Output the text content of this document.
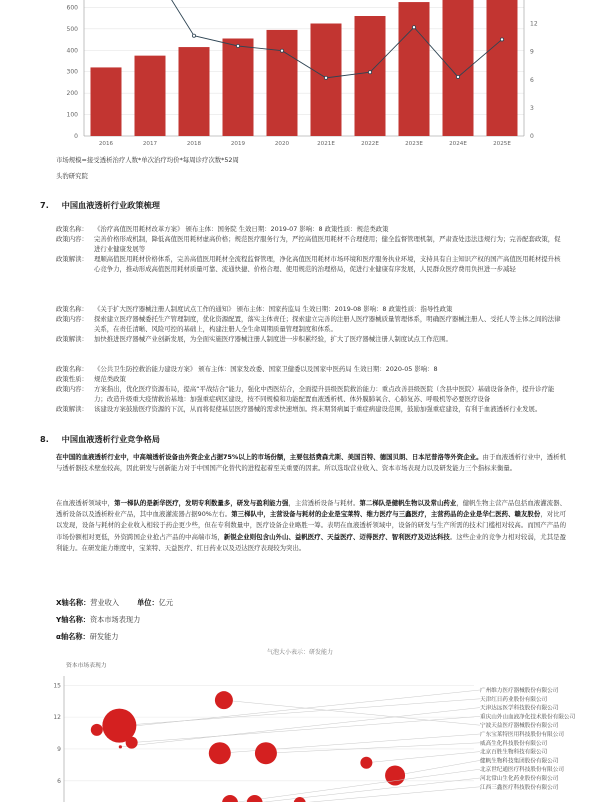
0
100
200
300
400
500
600
0
3
6
9
12
2016	2017	2018	2019	2020	2021E	2022E	2023E	2024E	2025E
市场规模=接受透析治疗人数*单次治疗均价*每周诊疗次数*52周
头豹研究院
7. 中国血液透析行业政策梳理
政策名称： 《治疗高值医用耗材改革方案》 颁布主体：国务院 生效日期：2019-07 影响：8 政策性质：规范类政策
政策内容： 完善价格形成机制，降低高值医用耗材虚高价格；规范医疗服务行为，严控高值医用耗材不合理使用；健全监督管理机制，严肃查处违法违规行为；完善配套政策，促进行业健康发展等
政策解读： 理顺高值医用耗材价格体系，完善高值医用耗材全流程监督管理，净化高值医用耗材市场环境和医疗服务执业环境，支持具有自主知识产权的国产高值医用耗材提升核心竞争力，推动形成高值医用耗材质量可靠、流通快捷、价格合理、使用规范的治理格局，促进行业健康有序发展，人民群众医疗费用负担进一步减轻
政策名称： 《关于扩大医疗器械注册人制度试点工作的通知》 颁布主体：国家药监局 生效日期：2019-08 影响：8 政策性质：指导性政策
政策内容： 探索建立医疗器械委托生产管理制度，优化资源配置，落实主体责任；探索建立完善的注册人医疗器械质量管理体系，明确医疗器械注册人、受托人等主体之间的法律关系，在责任清晰、风险可控的基础上，构建注册人全生命周期质量管理制度和体系。
政策解读： 加快推进医疗器械产业创新发展，为全面实施医疗器械注册人制度进一步积累经验，扩大了医疗器械注册人制度试点工作范围。
政策名称： 《公共卫生防控救治能力建设方案》 颁布主体：国家发改委、国家卫健委以及国家中医药局 生效日期：2020-05 影响：8
政策性质： 规范类政策
政策内容： 方案指出，优化医疗资源布局，提高“平战结合”能力，强化中西医结合，全面提升县级医院救治能力：重点改善县级医院（含县中医院）基础设备条件，提升诊疗能力；改造升级重大疫情救治基地：加强重症病区建设，按不同规模和功能配置血液透析机、体外膜肺氧合、心肺复苏、呼吸机等必要医疗设备
政策解读： 该建设方案鼓励医疗资源的下沉，从而将促使基层医疗器械的需求快速增加。终末期肾病属于重症病建设范围，鼓励加强重症建设，有利于血液透析行业发展。
8. 中国血液透析行业竞争格局
在中国的血液透析行业中，中高端透析设备由外资企业占据75%以上的市场份额，主要包括费森尤斯、美国百特、德国贝朗、日本尼普洛等外资企业。由于血液透析行业中，透析机与透析器技术壁垒较高，因此研发与创新能力对于中国国产化替代的进程起着至关重要的因素。所以选取营业收入、资本市场表现力以及研发能力三个指标来衡量。
在血液透析领域中，第一梯队的是新华医疗，发明专利数量多，研发与盈利能力强，主营透析设备与耗材。第二梯队是健帆生物以及常山药业，健帆生物主营产品包括血液灌流器、透析设备以及透析粉业产品，其中血液灌流器占据90%左右。第三梯队中，主营设备与耗材的企业是宝莱特、维力医疗与三鑫医疗，主营药品的企业是华仁医药、赣友股份，对比可以发现，设备与耗材的企业收入相较于药企更少些，但在专利数量中，医疗设备企业略胜一筹。表明在血液透析领域中，设备的研发与生产所需的技术门槛相对较高。而国产产品的市场份额相对更低，外资跨国企业抢占产品的中高端市场，新锐企业则包含山外山、益帆医疗、天益医疗、迈得医疗、智利医疗及迈达科技。这些企业的竞争力相对较弱，尤其是盈利能力。在研发能力维度中，宝莱特、天益医疗、红日药业以及迈达医疗表现较为突出。
X轴名称：营业收入	单位：亿元
Y轴名称：资本市场表现力
α轴名称：研发能力
气泡大小表示：研发能力
资本市场表现力
15
12
9
6
广州维力医疗器械股份有限公司
天津红日药业股份有限公司
天津达远医学科技股份有限公司
重庆山外山血液净化技术股份有限公司
宁波天益医疗器械股份有限公司
广东宝莱特医用科技股份有限公司
威高生化科技股份有限公司
北京百胜生物科技有限公司
健帆生物科技集团股份有限公司
北京世纪通医疗科技股份有限公司
河北常山生化药业股份有限公司
江西三鑫医疗科技股份有限公司
